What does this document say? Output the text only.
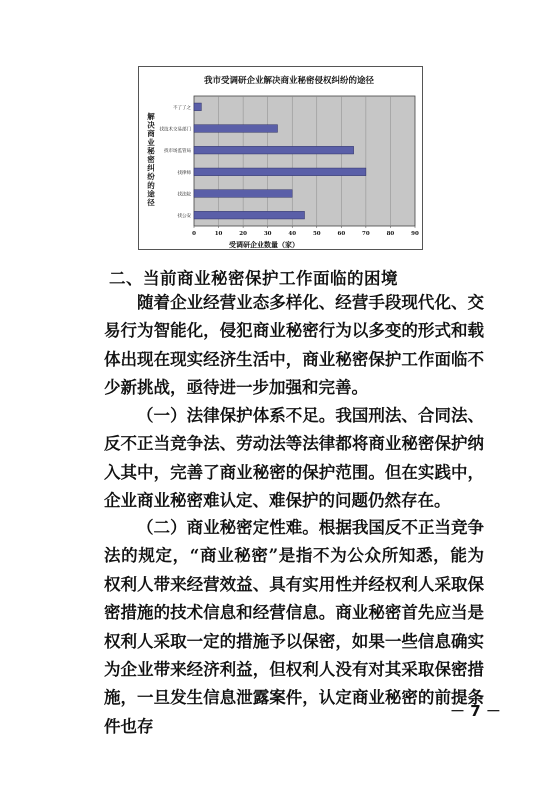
我市受调研企业解决商业秘密侵权纠纷的途径
不了了之
找技术交易部门
找市场监管局
找律师
找法院
找公安
0	10	20	30	40	50	60	70	80	90
受调研企业数量（家）
解决商业秘密纠纷的途径
二、当前商业秘密保护工作面临的困境
随着企业经营业态多样化、经营手段现代化、交易行为智能化，侵犯商业秘密行为以多变的形式和载体出现在现实经济生活中，商业秘密保护工作面临不少新挑战，亟待进一步加强和完善。
（一）法律保护体系不足。我国刑法、合同法、反不正当竞争法、劳动法等法律都将商业秘密保护纳入其中，完善了商业秘密的保护范围。但在实践中，企业商业秘密难认定、难保护的问题仍然存在。
（二）商业秘密定性难。根据我国反不正当竞争法的规定，“商业秘密”是指不为公众所知悉，能为权利人带来经营效益、具有实用性并经权利人采取保密措施的技术信息和经营信息。商业秘密首先应当是权利人采取一定的措施予以保密，如果一些信息确实为企业带来经济利益，但权利人没有对其采取保密措施，一旦发生信息泄露案件，认定商业秘密的前提条件也存
－ 7 －
